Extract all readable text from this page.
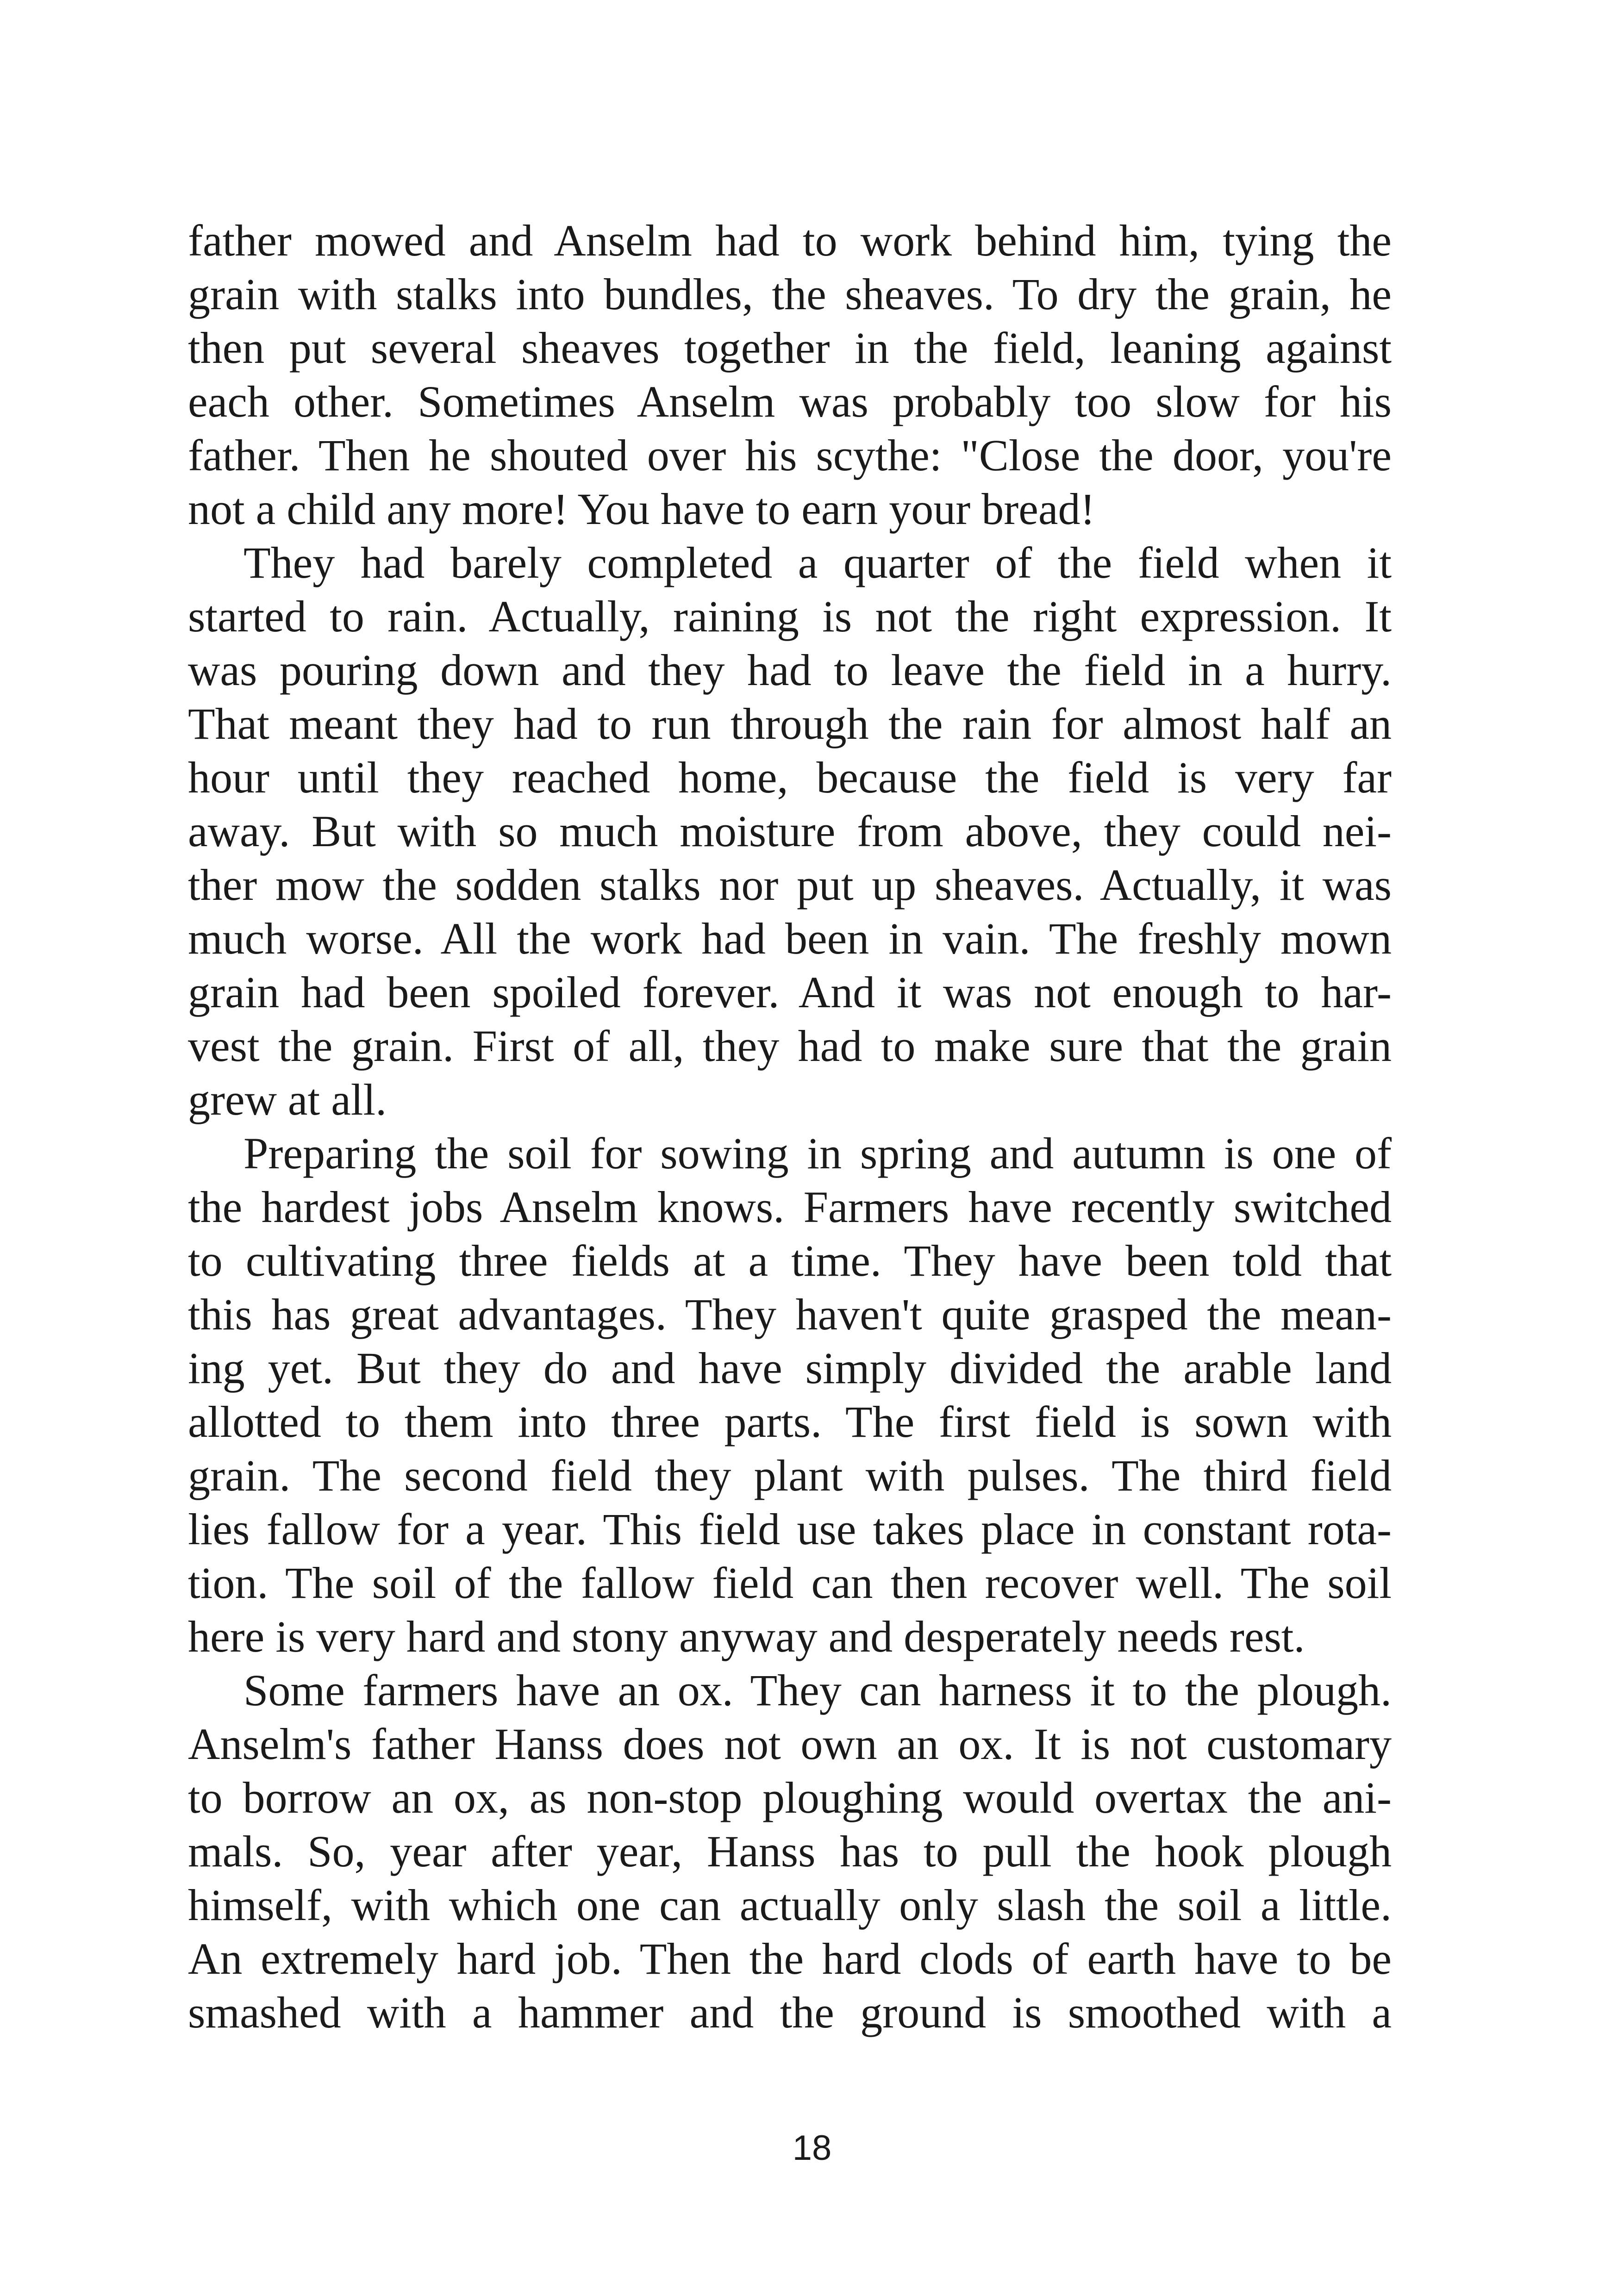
father mowed and Anselm had to work behind him, tying the
grain with stalks into bundles, the sheaves. To dry the grain, he
then put several sheaves together in the field, leaning against
each other. Sometimes Anselm was probably too slow for his
father. Then he shouted over his scythe: "Close the door, you're
not a child any more! You have to earn your bread!
They had barely completed a quarter of the field when it
started to rain. Actually, raining is not the right expression. It
was pouring down and they had to leave the field in a hurry.
That meant they had to run through the rain for almost half an
hour until they reached home, because the field is very far
away. But with so much moisture from above, they could nei-
ther mow the sodden stalks nor put up sheaves. Actually, it was
much worse. All the work had been in vain. The freshly mown
grain had been spoiled forever. And it was not enough to har-
vest the grain. First of all, they had to make sure that the grain
grew at all.
Preparing the soil for sowing in spring and autumn is one of
the hardest jobs Anselm knows. Farmers have recently switched
to cultivating three fields at a time. They have been told that
this has great advantages. They haven't quite grasped the mean-
ing yet. But they do and have simply divided the arable land
allotted to them into three parts. The first field is sown with
grain. The second field they plant with pulses. The third field
lies fallow for a year. This field use takes place in constant rota-
tion. The soil of the fallow field can then recover well. The soil
here is very hard and stony anyway and desperately needs rest.
Some farmers have an ox. They can harness it to the plough.
Anselm's father Hanss does not own an ox. It is not customary
to borrow an ox, as non-stop ploughing would overtax the ani-
mals. So, year after year, Hanss has to pull the hook plough
himself, with which one can actually only slash the soil a little.
An extremely hard job. Then the hard clods of earth have to be
smashed with a hammer and the ground is smoothed with a
18
